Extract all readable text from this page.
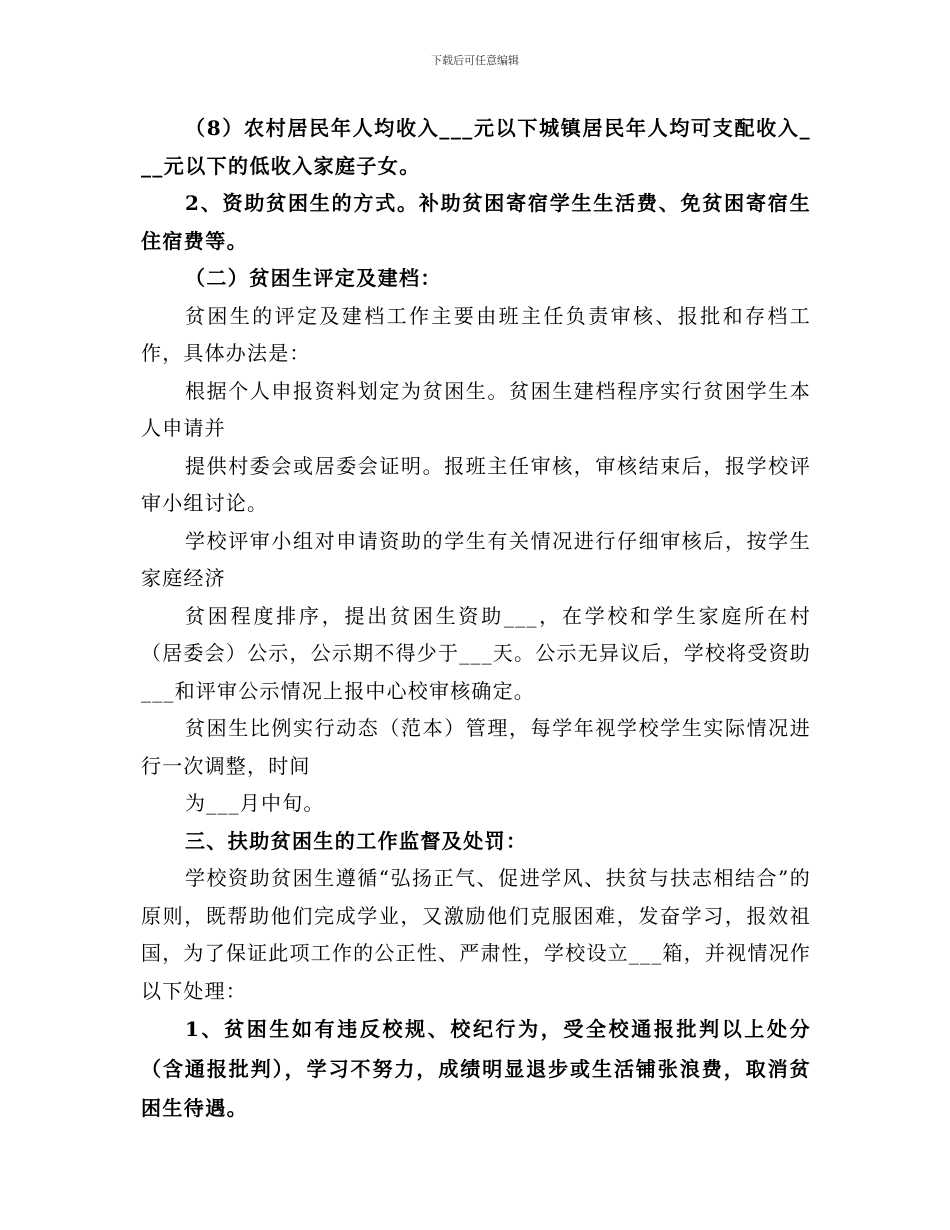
下载后可任意编辑

（8）农村居民年人均收入___元以下城镇居民年人均可支配收入___元以下的低收入家庭子女。

2、资助贫困生的方式。补助贫困寄宿学生生活费、免贫困寄宿生住宿费等。

（二）贫困生评定及建档：

贫困生的评定及建档工作主要由班主任负责审核、报批和存档工作，具体办法是：

根据个人申报资料划定为贫困生。贫困生建档程序实行贫困学生本人申请并

提供村委会或居委会证明。报班主任审核，审核结束后，报学校评审小组讨论。

学校评审小组对申请资助的学生有关情况进行仔细审核后，按学生家庭经济

贫困程度排序，提出贫困生资助___，在学校和学生家庭所在村（居委会）公示，公示期不得少于___天。公示无异议后，学校将受资助___和评审公示情况上报中心校审核确定。

贫困生比例实行动态（范本）管理，每学年视学校学生实际情况进行一次调整，时间

为___月中旬。

三、扶助贫困生的工作监督及处罚：

学校资助贫困生遵循“弘扬正气、促进学风、扶贫与扶志相结合”的原则，既帮助他们完成学业，又激励他们克服困难，发奋学习，报效祖国，为了保证此项工作的公正性、严肃性，学校设立___箱，并视情况作以下处理：

1、贫困生如有违反校规、校纪行为，受全校通报批判以上处分（含通报批判），学习不努力，成绩明显退步或生活铺张浪费，取消贫困生待遇。
